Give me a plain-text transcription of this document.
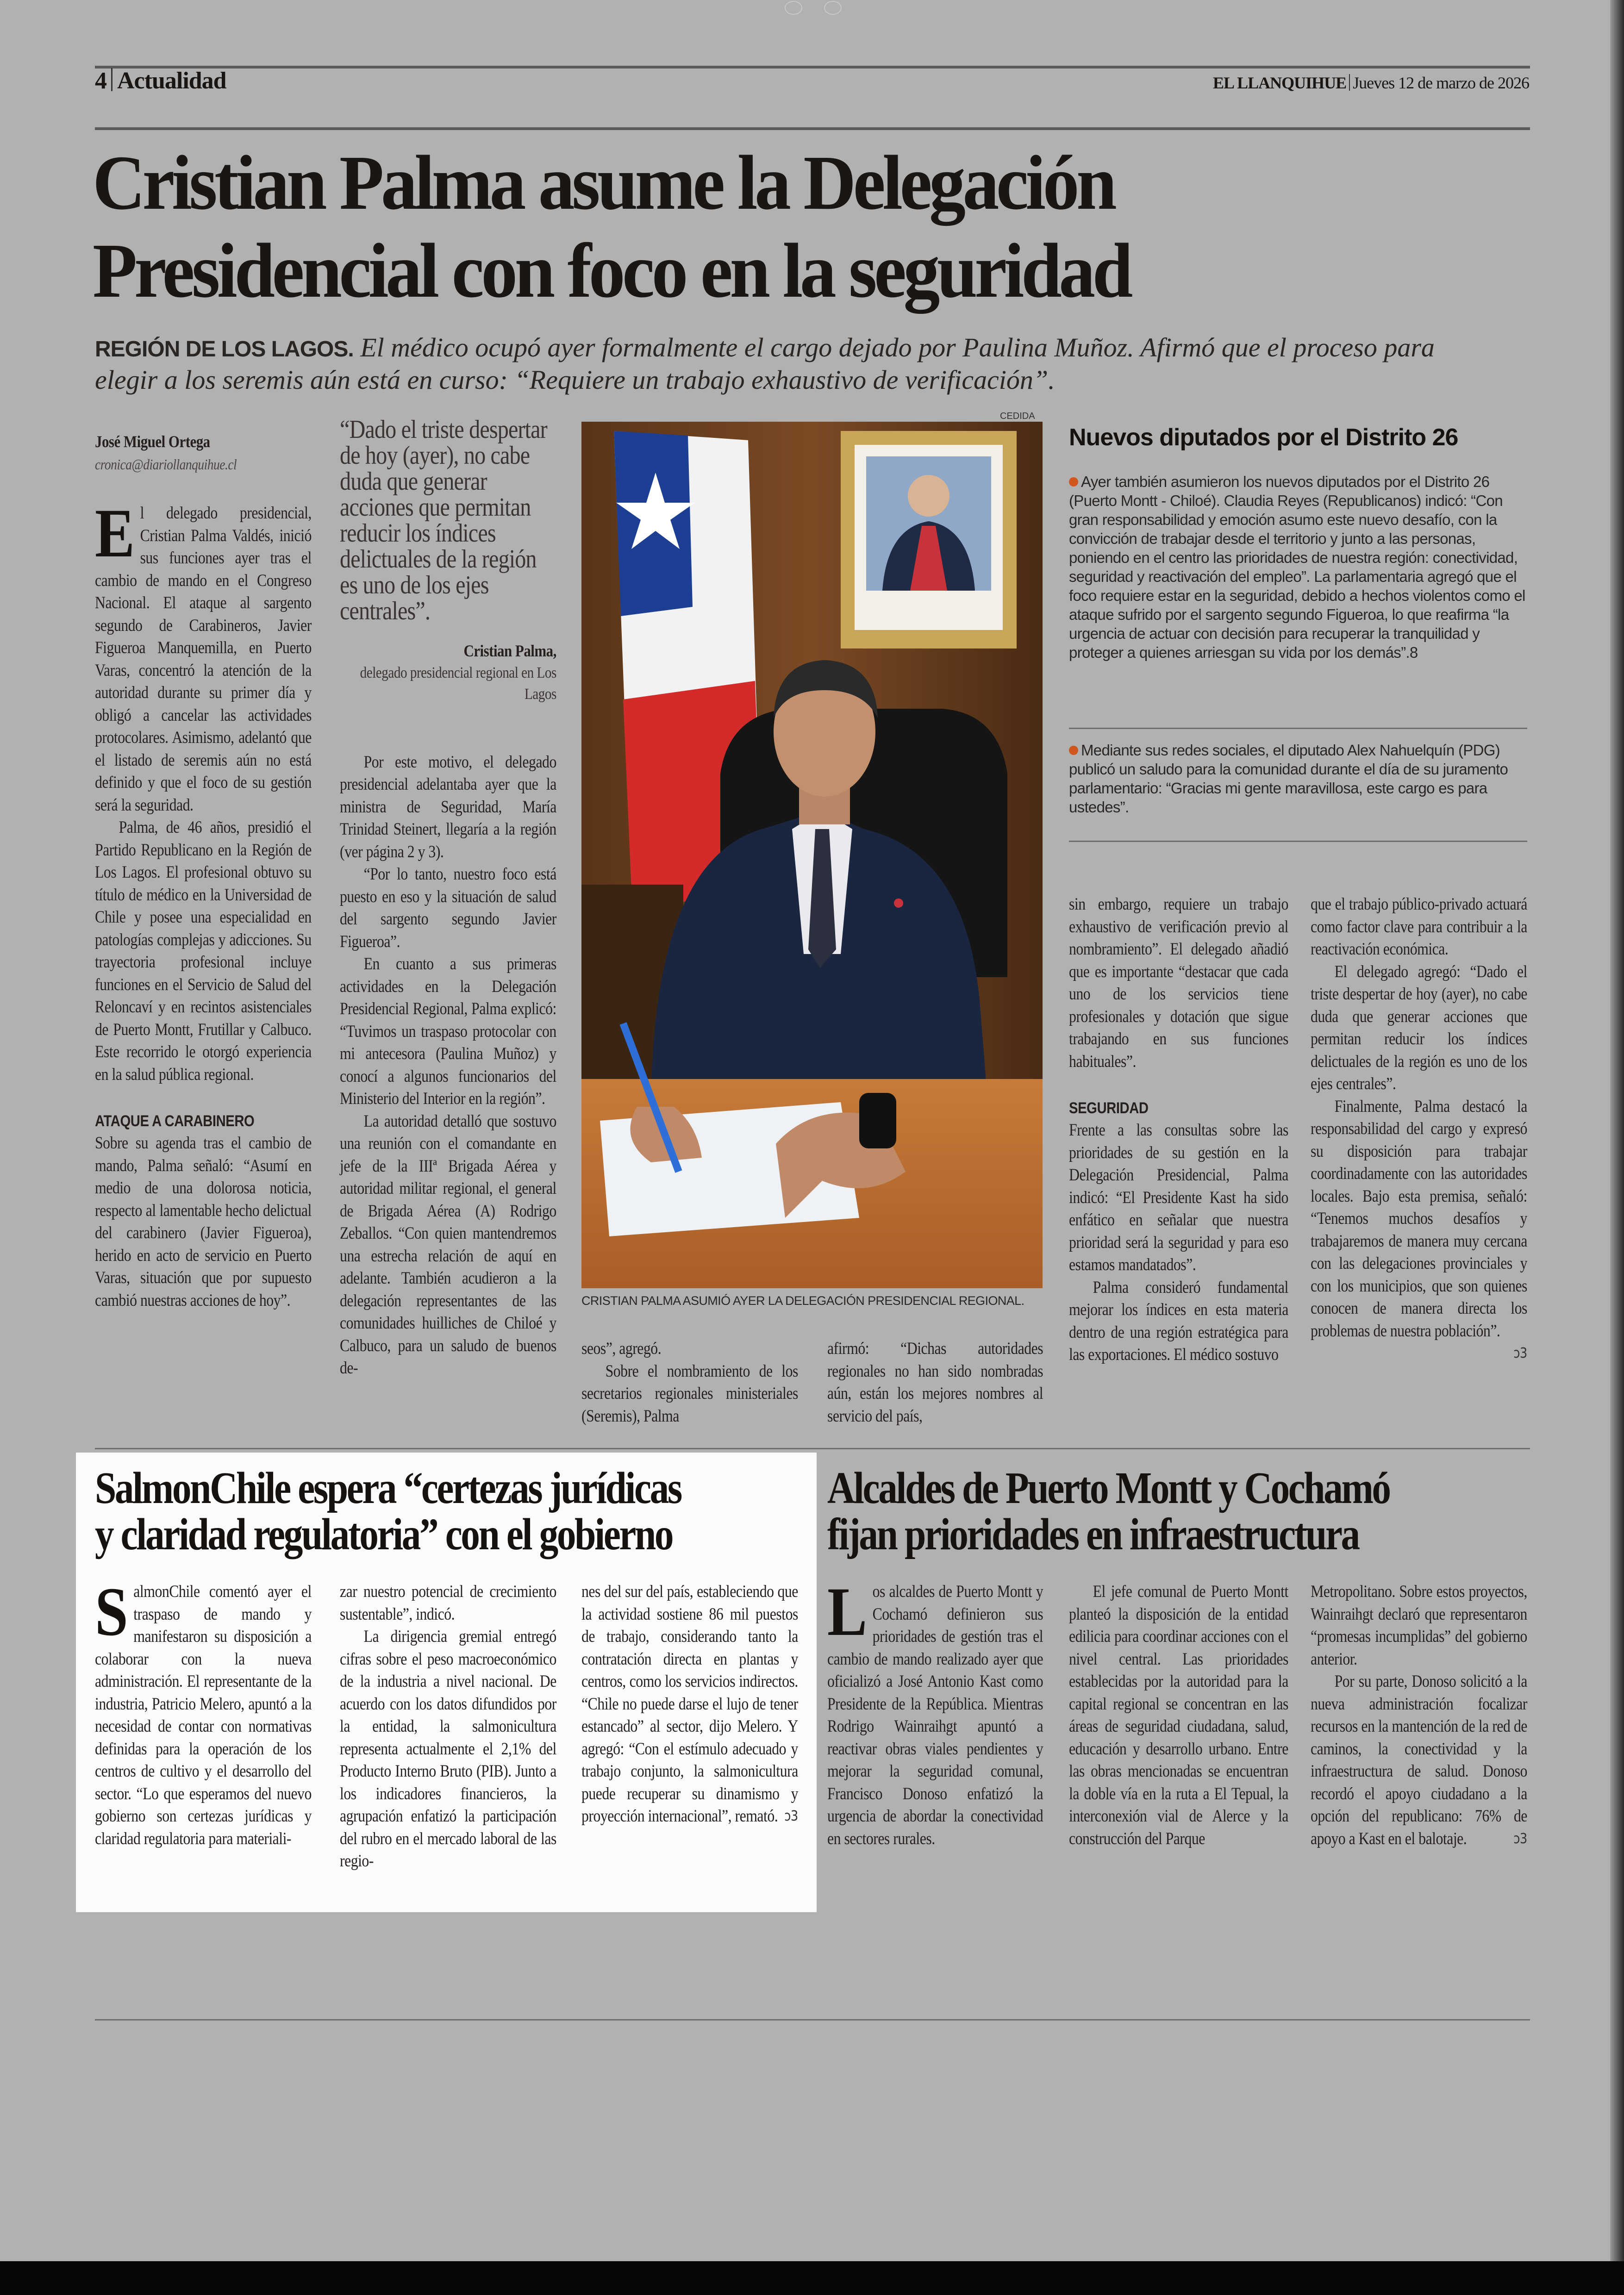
4 Actualidad	EL LLANQUIHUE Jueves 12 de marzo de 2026
Cristian Palma asume la Delegación
Presidencial con foco en la seguridad
REGIÓN DE LOS LAGOS. El médico ocupó ayer formalmente el cargo dejado por Paulina Muñoz. Afirmó que el proceso para elegir a los seremis aún está en curso: “Requiere un trabajo exhaustivo de verificación”.
José Miguel Ortega
cronica@diariollanquihue.cl

El delegado presidencial, Cristian Palma Valdés, inició sus funciones ayer tras el cambio de mando en el Congreso Nacional. El ataque al sargento segundo de Carabineros, Javier Figueroa Manquemilla, en Puerto Varas, concentró la atención de la autoridad durante su primer día y obligó a cancelar las actividades protocolares. Asimismo, adelantó que el listado de seremis aún no está definido y que el foco de su gestión será la seguridad.

Palma, de 46 años, presidió el Partido Republicano en la Región de Los Lagos. El profesional obtuvo su título de médico en la Universidad de Chile y posee una especialidad en patologías complejas y adicciones. Su trayectoria profesional incluye funciones en el Servicio de Salud del Reloncaví y en recintos asistenciales de Puerto Montt, Frutillar y Calbuco. Este recorrido le otorgó experiencia en la salud pública regional.

ATAQUE A CARABINERO

Sobre su agenda tras el cambio de mando, Palma señaló: “Asumí en medio de una dolorosa noticia, respecto al lamentable hecho delictual del carabinero (Javier Figueroa), herido en acto de servicio en Puerto Varas, situación que por supuesto cambió nuestras acciones de hoy”.

“Dado el triste despertar de hoy (ayer), no cabe duda que generar acciones que permitan reducir los índices delictuales de la región es uno de los ejes centrales”.
Cristian Palma,
delegado presidencial regional en Los Lagos

Por este motivo, el delegado presidencial adelantaba ayer que la ministra de Seguridad, María Trinidad Steinert, llegaría a la región (ver página 2 y 3).

“Por lo tanto, nuestro foco está puesto en eso y la situación de salud del sargento segundo Javier Figueroa”.

En cuanto a sus primeras actividades en la Delegación Presidencial Regional, Palma explicó: “Tuvimos un traspaso protocolar con mi antecesora (Paulina Muñoz) y conocí a algunos funcionarios del Ministerio del Interior en la región”.

La autoridad detalló que sostuvo una reunión con el comandante en jefe de la IIIª Brigada Aérea y autoridad militar regional, el general de Brigada Aérea (A) Rodrigo Zeballos. “Con quien mantendremos una estrecha relación de aquí en adelante. También acudieron a la delegación representantes de las comunidades huilliches de Chiloé y Calbuco, para un saludo de buenos de-

CEDIDA
CRISTIAN PALMA ASUMIÓ AYER LA DELEGACIÓN PRESIDENCIAL REGIONAL.

seos”, agregó.

Sobre el nombramiento de los secretarios regionales ministeriales (Seremis), Palma

afirmó: “Dichas autoridades regionales no han sido nombradas aún, están los mejores nombres al servicio del país,

Nuevos diputados por el Distrito 26
Ayer también asumieron los nuevos diputados por el Distrito 26 (Puerto Montt - Chiloé). Claudia Reyes (Republicanos) indicó: “Con gran responsabilidad y emoción asumo este nuevo desafío, con la convicción de trabajar desde el territorio y junto a las personas, poniendo en el centro las prioridades de nuestra región: conectividad, seguridad y reactivación del empleo”. La parlamentaria agregó que el foco requiere estar en la seguridad, debido a hechos violentos como el ataque sufrido por el sargento segundo Figueroa, lo que reafirma “la urgencia de actuar con decisión para recuperar la tranquilidad y proteger a quienes arriesgan su vida por los demás”.8
Mediante sus redes sociales, el diputado Alex Nahuelquín (PDG) publicó un saludo para la comunidad durante el día de su juramento parlamentario: “Gracias mi gente maravillosa, este cargo es para ustedes”.

sin embargo, requiere un trabajo exhaustivo de verificación previo al nombramiento”. El delegado añadió que es importante “destacar que cada uno de los servicios tiene profesionales y dotación que sigue trabajando en sus funciones habituales”.

SEGURIDAD

Frente a las consultas sobre las prioridades de su gestión en la Delegación Presidencial, Palma indicó: “El Presidente Kast ha sido enfático en señalar que nuestra prioridad será la seguridad y para eso estamos mandatados”.

Palma consideró fundamental mejorar los índices en esta materia dentro de una región estratégica para las exportaciones. El médico sostuvo

que el trabajo público-privado actuará como factor clave para contribuir a la reactivación económica.

El delegado agregó: “Dado el triste despertar de hoy (ayer), no cabe duda que generar acciones que permitan reducir los índices delictuales de la región es uno de los ejes centrales”.

Finalmente, Palma destacó la responsabilidad del cargo y expresó su disposición para trabajar coordinadamente con las autoridades locales. Bajo esta premisa, señaló: “Tenemos muchos desafíos y trabajaremos de manera muy cercana con las delegaciones provinciales y con los municipios, que son quienes conocen de manera directa los problemas de nuestra población”.
ↄ3

SalmonChile espera “certezas jurídicas y claridad regulatoria” con el gobierno

SalmonChile comentó ayer el traspaso de mando y manifestaron su disposición a colaborar con la nueva administración. El representante de la industria, Patricio Melero, apuntó a la necesidad de contar con normativas definidas para la operación de los centros de cultivo y el desarrollo del sector. “Lo que esperamos del nuevo gobierno son certezas jurídicas y claridad regulatoria para materiali-

zar nuestro potencial de crecimiento sustentable”, indicó.

La dirigencia gremial entregó cifras sobre el peso macroeconómico de la industria a nivel nacional. De acuerdo con los datos difundidos por la entidad, la salmonicultura representa actualmente el 2,1% del Producto Interno Bruto (PIB). Junto a los indicadores financieros, la agrupación enfatizó la participación del rubro en el mercado laboral de las regio-

nes del sur del país, estableciendo que la actividad sostiene 86 mil puestos de trabajo, considerando tanto la contratación directa en plantas y centros, como los servicios indirectos. “Chile no puede darse el lujo de tener estancado” al sector, dijo Melero. Y agregó: “Con el estímulo adecuado y trabajo conjunto, la salmonicultura puede recuperar su dinamismo y proyección internacional”, remató. ↄ3

Alcaldes de Puerto Montt y Cochamó fijan prioridades en infraestructura

Los alcaldes de Puerto Montt y Cochamó definieron sus prioridades de gestión tras el cambio de mando realizado ayer que oficializó a José Antonio Kast como Presidente de la República. Mientras Rodrigo Wainraihgt apuntó a reactivar obras viales pendientes y mejorar la seguridad comunal, Francisco Donoso enfatizó la urgencia de abordar la conectividad en sectores rurales.

El jefe comunal de Puerto Montt planteó la disposición de la entidad edilicia para coordinar acciones con el nivel central. Las prioridades establecidas por la autoridad para la capital regional se concentran en las áreas de seguridad ciudadana, salud, educación y desarrollo urbano. Entre las obras mencionadas se encuentran la doble vía en la ruta a El Tepual, la interconexión vial de Alerce y la construcción del Parque

Metropolitano. Sobre estos proyectos, Wainraihgt declaró que representaron “promesas incumplidas” del gobierno anterior.

Por su parte, Donoso solicitó a la nueva administración focalizar recursos en la mantención de la red de caminos, la conectividad y la infraestructura de salud. Donoso recordó el apoyo ciudadano a la opción del republicano: 76% de apoyo a Kast en el balotaje.	ↄ3
